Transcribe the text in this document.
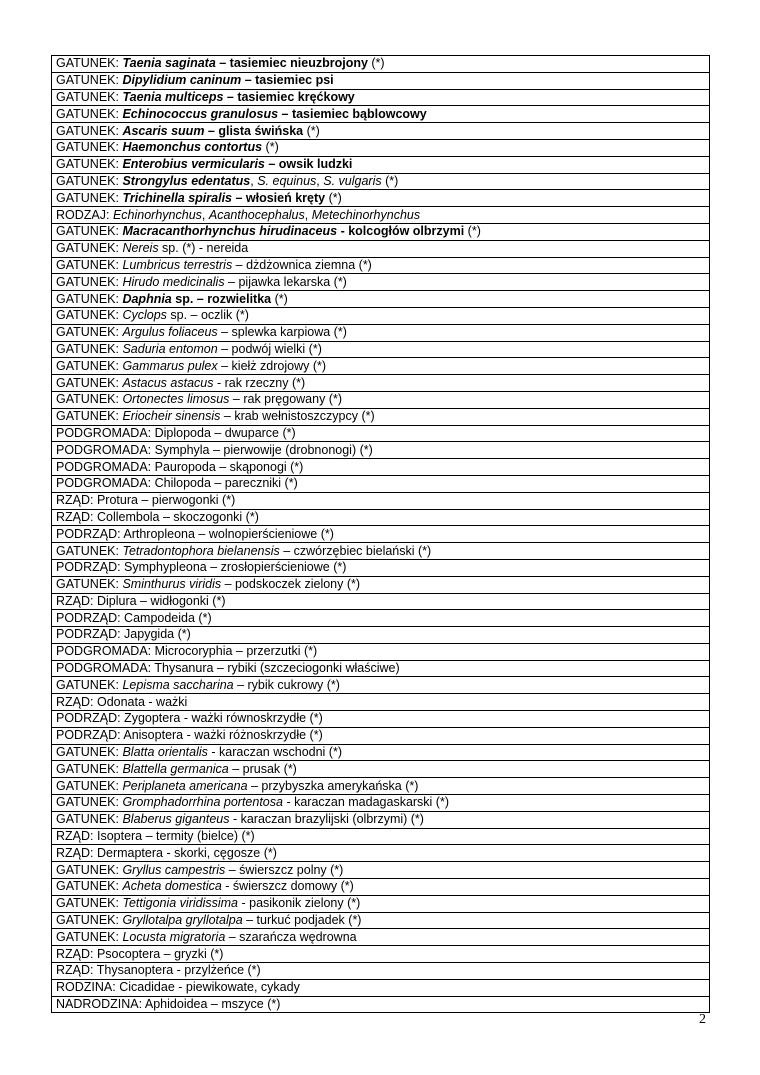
GATUNEK: Taenia saginata – tasiemiec nieuzbrojony (*)
GATUNEK: Dipylidium caninum – tasiemiec psi
GATUNEK: Taenia multiceps – tasiemiec kręćkowy
GATUNEK: Echinococcus granulosus – tasiemiec bąblowcowy
GATUNEK: Ascaris suum – glista świńska (*)
GATUNEK: Haemonchus contortus (*)
GATUNEK: Enterobius vermicularis – owsik ludzki
GATUNEK: Strongylus edentatus, S. equinus, S. vulgaris (*)
GATUNEK: Trichinella spiralis – włosień kręty (*)
RODZAJ: Echinorhynchus, Acanthocephalus, Metechinorhynchus
GATUNEK: Macracanthorhynchus hirudinaceus - kolcogłów olbrzymi (*)
GATUNEK: Nereis sp. (*) - nereida
GATUNEK: Lumbricus terrestris – dżdżownica ziemna (*)
GATUNEK: Hirudo medicinalis – pijawka lekarska (*)
GATUNEK: Daphnia sp. – rozwielitka (*)
GATUNEK: Cyclops sp. – oczlik (*)
GATUNEK: Argulus foliaceus – splewka karpiowa (*)
GATUNEK: Saduria entomon – podwój wielki (*)
GATUNEK: Gammarus pulex – kiełż zdrojowy (*)
GATUNEK: Astacus astacus - rak rzeczny (*)
GATUNEK: Ortonectes limosus – rak pręgowany (*)
GATUNEK: Eriocheir sinensis – krab wełnistoszczypcy (*)
PODGROMADA: Diplopoda – dwuparce (*)
PODGROMADA: Symphyla – pierwowije (drobnonogi) (*)
PODGROMADA: Pauropoda – skąponogi (*)
PODGROMADA: Chilopoda – pareczniki (*)
RZĄD: Protura – pierwogonki (*)
RZĄD: Collembola – skoczogonki (*)
PODRZĄD: Arthropleona – wolnopierścieniowe (*)
GATUNEK: Tetradontophora bielanensis – czwórzębiec bielański (*)
PODRZĄD: Symphypleona – zrosłopierścieniowe (*)
GATUNEK: Sminthurus viridis – podskoczek zielony (*)
RZĄD: Diplura – widłogonki (*)
PODRZĄD: Campodeida (*)
PODRZĄD: Japygida (*)
PODGROMADA: Microcoryphia – przerzutki (*)
PODGROMADA: Thysanura – rybiki (szczeciogonki właściwe)
GATUNEK: Lepisma saccharina – rybik cukrowy (*)
RZĄD: Odonata - ważki
PODRZĄD: Zygoptera - ważki równoskrzydłe (*)
PODRZĄD: Anisoptera - ważki różnoskrzydłe (*)
GATUNEK: Blatta orientalis - karaczan wschodni (*)
GATUNEK: Blattella germanica – prusak (*)
GATUNEK: Periplaneta americana – przybyszka amerykańska (*)
GATUNEK: Gromphadorrhina portentosa - karaczan madagaskarski (*)
GATUNEK: Blaberus giganteus - karaczan brazylijski (olbrzymi) (*)
RZĄD: Isoptera – termity (bielce) (*)
RZĄD: Dermaptera - skorki, cęgosze (*)
GATUNEK: Gryllus campestris – świerszcz polny (*)
GATUNEK: Acheta domestica - świerszcz domowy (*)
GATUNEK: Tettigonia viridissima - pasikonik zielony (*)
GATUNEK: Gryllotalpa gryllotalpa – turkuć podjadek (*)
GATUNEK: Locusta migratoria – szarańcza wędrowna
RZĄD: Psocoptera – gryzki (*)
RZĄD: Thysanoptera - przylżeńce (*)
RODZINA: Cicadidae - piewikowate, cykady
NADRODZINA: Aphidoidea – mszyce (*)
2
